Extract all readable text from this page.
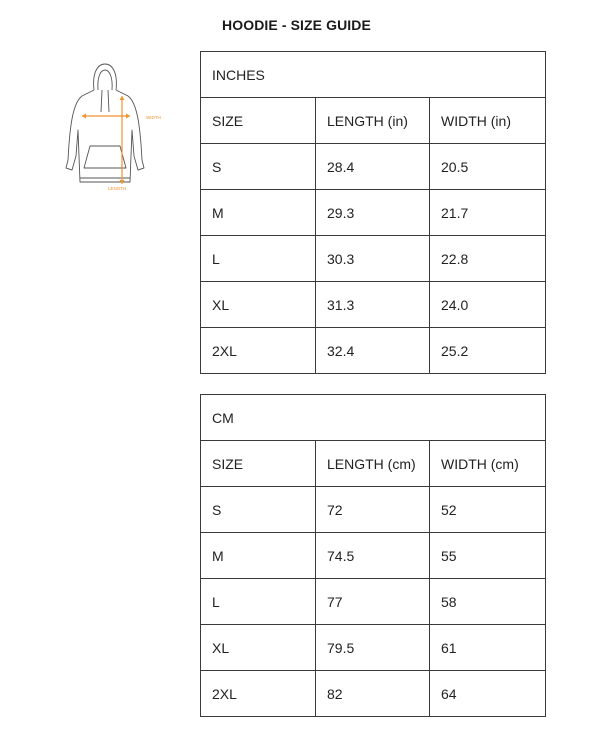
HOODIE - SIZE GUIDE
WIDTH
LENGTH
INCHES		
SIZE	LENGTH (in)	WIDTH (in)
S	28.4	20.5
M	29.3	21.7
L	30.3	22.8
XL	31.3	24.0
2XL	32.4	25.2
CM		
SIZE	LENGTH (cm)	WIDTH (cm)
S	72	52
M	74.5	55
L	77	58
XL	79.5	61
2XL	82	64
